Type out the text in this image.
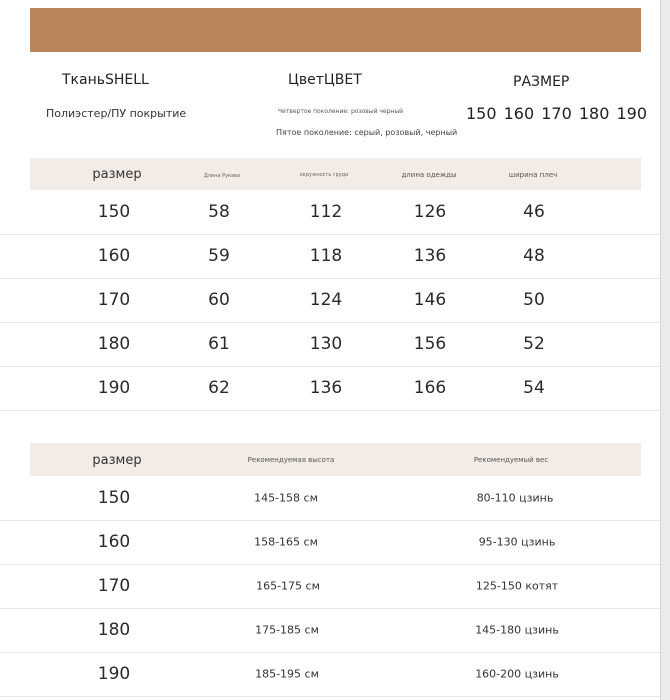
ТканьSHELL
Полиэстер/ПУ покрытие
ЦветЦВЕТ
Четвертое поколение: розовый черный
Пятое поколение: серый, розовый, черный
РАЗМЕР
150 160 170 180 190
размер	Длина Рукава	окружность груди	длина одежды	ширина плеч
150	58	112	126	46
160	59	118	136	48
170	60	124	146	50
180	61	130	156	52
190	62	136	166	54
размер	Рекомендуемая высота	Рекомендуемый вес
150	145-158 см	80-110 цзинь
160	158-165 см	95-130 цзинь
170	165-175 см	125-150 котят
180	175-185 см	145-180 цзинь
190	185-195 см	160-200 цзинь
